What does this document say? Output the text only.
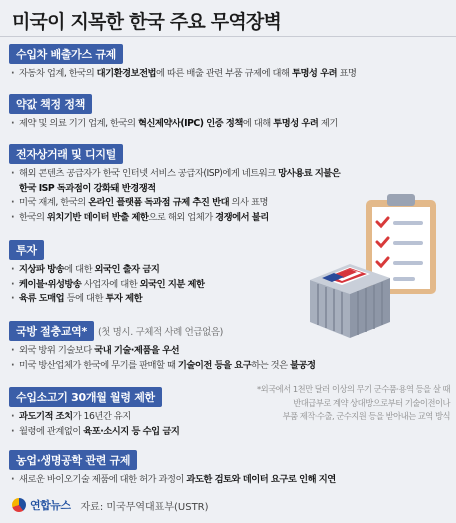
미국이 지목한 한국 주요 무역장벽
수입차 배출가스 규제
· 자동차 업계, 한국의 대기환경보전법에 따른 배출 관련 부품 규제에 대해 투명성 우려 표명
약값 책정 정책
· 제약 및 의료 기기 업계, 한국의 혁신제약사(IPC) 인증 정책에 대해 투명성 우려 제기
전자상거래 및 디지털
· 해외 콘텐츠 공급자가 한국 인터넷 서비스 공급자(ISP)에게 네트워크 망사용료 지불은
한국 ISP 독과점이 강화돼 반경쟁적
· 미국 재계, 한국의 온라인 플랫폼 독과점 규제 추진 반대 의사 표명
· 한국의 위치기반 데이터 반출 제한으로 해외 업체가 경쟁에서 불리
투자
· 지상파 방송에 대한 외국인 출자 금지
· 케이블·위성방송 사업자에 대한 외국인 지분 제한
· 육류 도매업 등에 대한 투자 제한
국방 절충교역* (첫 명시. 구체적 사례 언급없음)
· 외국 방위 기술보다 국내 기술·제품을 우선
· 미국 방산업체가 한국에 무기를 판매할 때 기술이전 등을 요구하는 것은 불공정
수입소고기 30개월 월령 제한
· 과도기적 조치가 16년간 유지
· 월령에 관계없이 육포·소시지 등 수입 금지
농업·생명공학 관련 규제
· 새로운 바이오기술 제품에 대한 허가 과정이 과도한 검토와 데이터 요구로 인해 지연
*외국에서 1천만 달러 이상의 무기 군수품·용역 등을 살 때
반대급부로 계약 상대방으로부터 기술이전이나
부품 제작·수출, 군수지원 등을 받아내는 교역 방식
연합뉴스 자료: 미국무역대표부(USTR)
